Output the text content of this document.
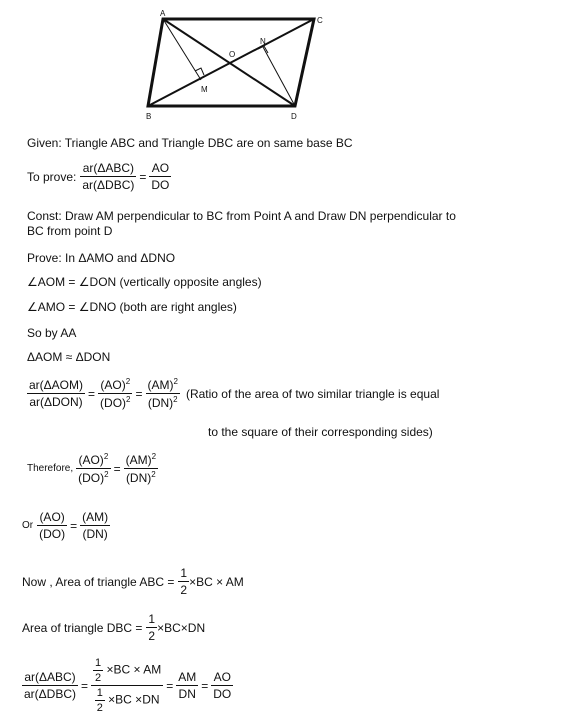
A
C
B	D
O
M
N
Given: Triangle ABC and Triangle DBC are on same base BC
To prove: $\frac{\text{ar(ΔABC)}}{\text{ar(ΔDBC)}} = \frac{AO}{DO}$
Const: Draw AM perpendicular to BC from Point A and Draw DN perpendicular to
BC from point D
Prove: In ΔAMO and ΔDNO
∠AOM = ∠DON (vertically opposite angles)
∠AMO = ∠DNO (both are right angles)
So by AA
ΔAOM ≈ ΔDON
$\frac{\text{ar(ΔAOM)}}{\text{ar(ΔDON)}} = \frac{(AO)^2}{(DO)^2} = \frac{(AM)^2}{(DN)^2}$ (Ratio of the area of two similar triangle is equal
to the square of their corresponding sides)
Therefore, $\frac{(AO)^2}{(DO)^2} = \frac{(AM)^2}{(DN)^2}$
Or $\frac{(AO)}{(DO)} = \frac{(AM)}{(DN)}$
Now , Area of triangle ABC = $\frac{1}{2} \times BC$ × AM
Area of triangle DBC = $\frac{1}{2} \times BC\times DN$
$\frac{\text{ar(ΔABC)}}{\text{ar(ΔDBC)}} = \frac{\frac{1}{2} \times BC \times AM}{\frac{1}{2} \times BC \times DN} = \frac{AM}{DN} = \frac{AO}{DO}$
